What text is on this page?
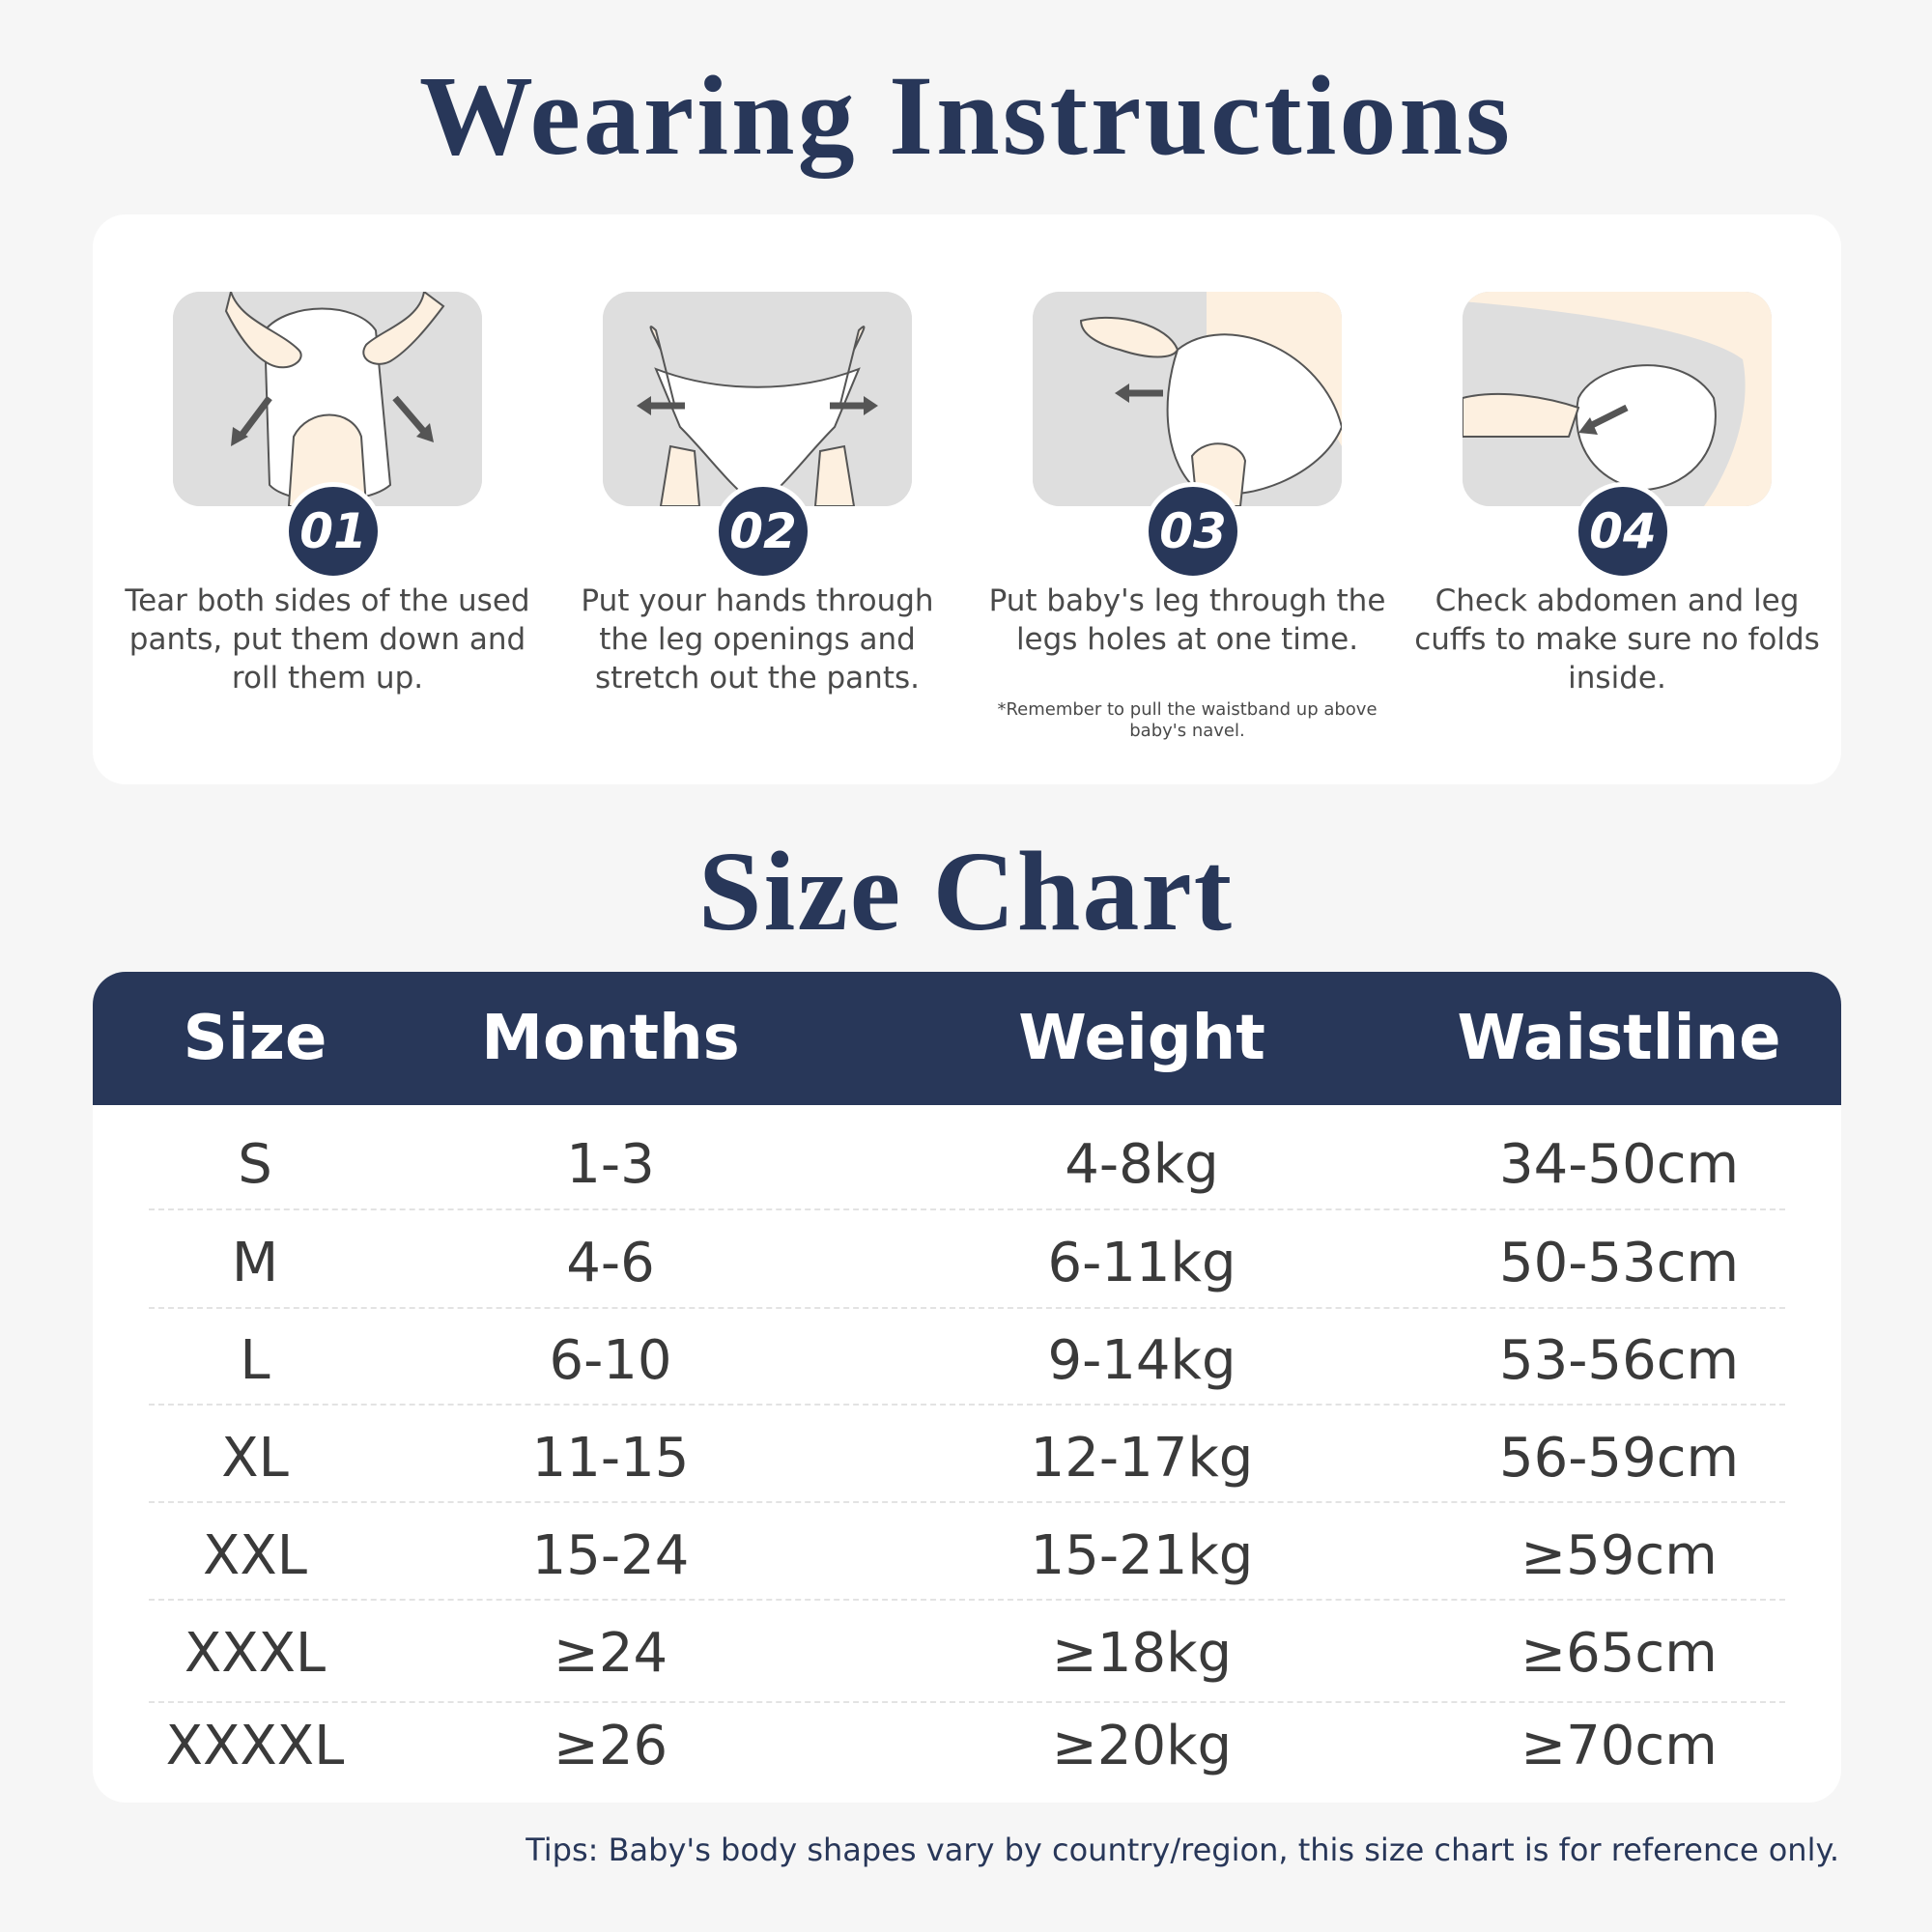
Wearing Instructions
01
Tear both sides of the used pants, put them down and roll them up.
02
Put your hands through the leg openings and stretch out the pants.
03
Put baby's leg through the legs holes at one time.
*Remember to pull the waistband up above baby's navel.
04
Check abdomen and leg cuffs to make sure no folds inside.
Size Chart
Size	Months	Weight	Waistline
S	1-3	4-8kg	34-50cm
M	4-6	6-11kg	50-53cm
L	6-10	9-14kg	53-56cm
XL	11-15	12-17kg	56-59cm
XXL	15-24	15-21kg	≥59cm
XXXL	≥24	≥18kg	≥65cm
XXXXL	≥26	≥20kg	≥70cm
Tips: Baby's body shapes vary by country/region, this size chart is for reference only.
